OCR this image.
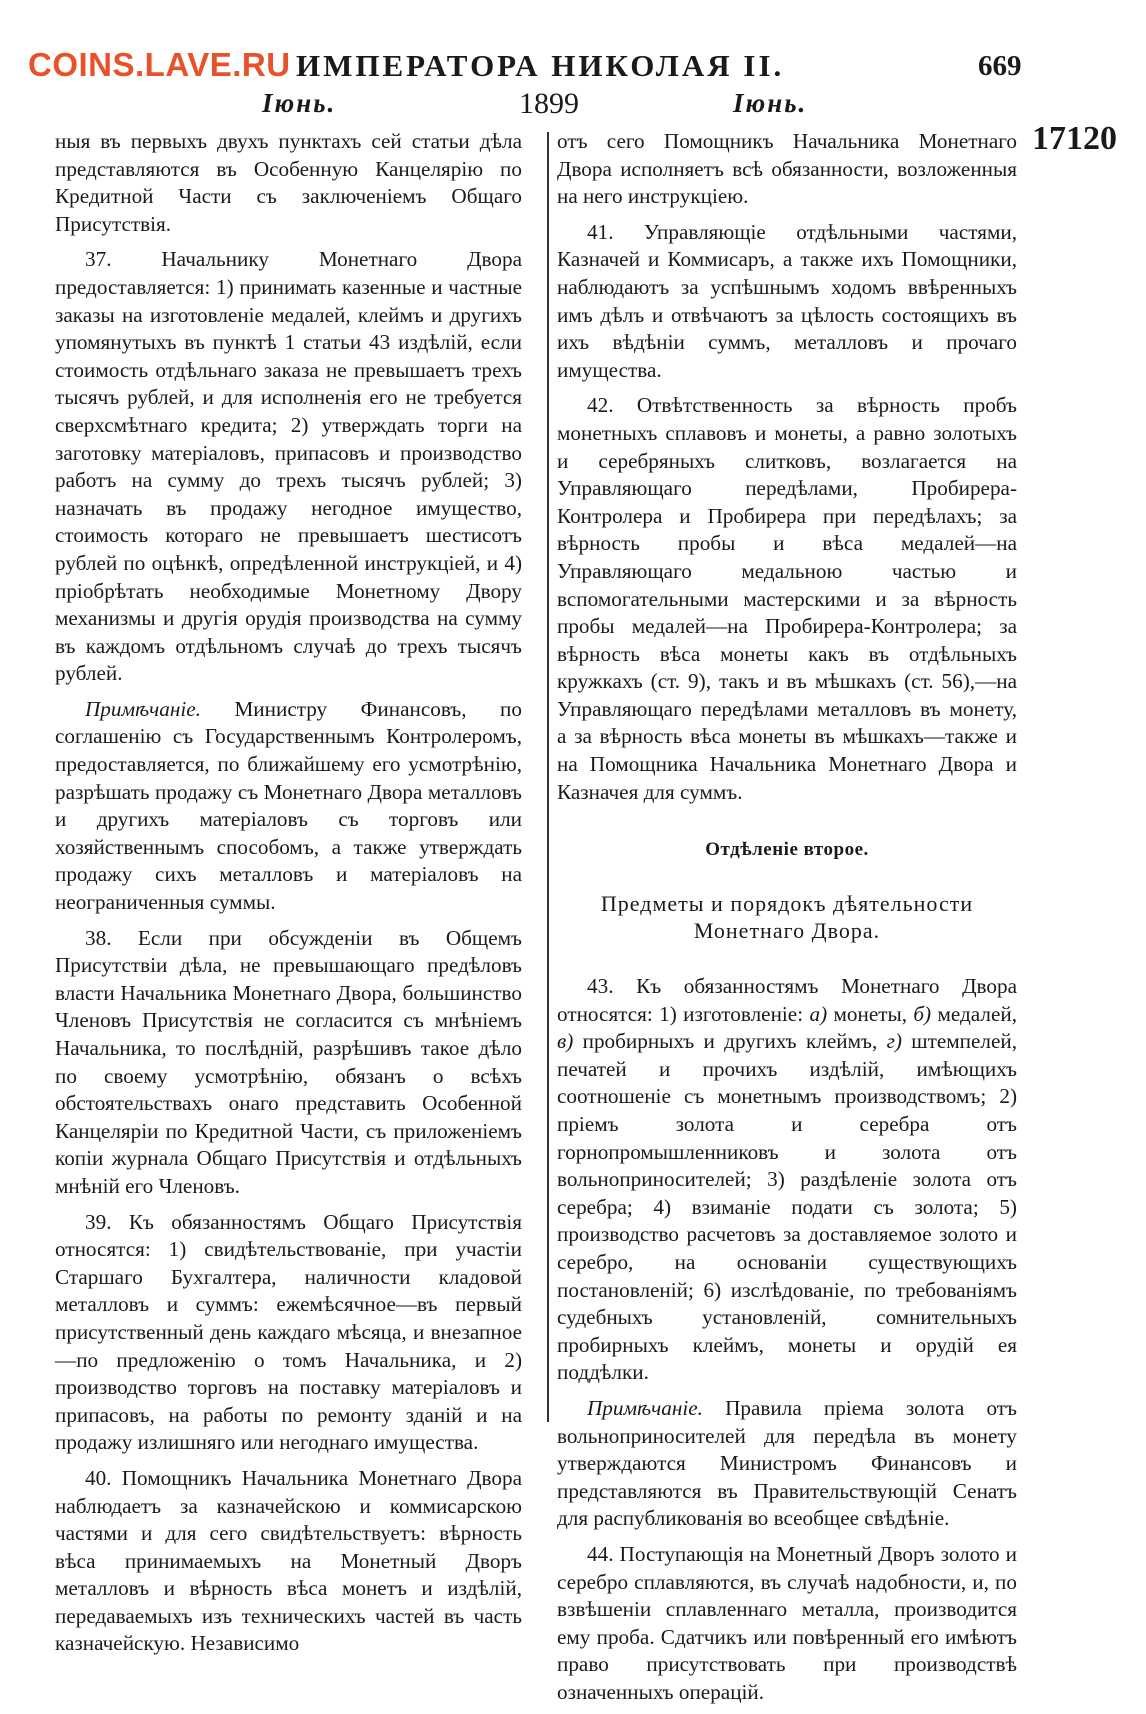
COINS.LAVE.RU ИМПЕРАТОРА НИКОЛАЯ II.	669
Іюнь.	1899	Іюнь.
17120

ныя въ первыхъ двухъ пунктахъ сей статьи дѣла представляются въ Особенную Канцелярію по Кредитной Части съ заключеніемъ Общаго Присутствія.

37. Начальнику Монетнаго Двора предоставляется: 1) принимать казенные и частные заказы на изготовленіе медалей, клеймъ и другихъ упомянутыхъ въ пунктѣ 1 статьи 43 издѣлій, если стоимость отдѣльнаго заказа не превышаетъ трехъ тысячъ рублей, и для исполненія его не требуется сверхсмѣтнаго кредита; 2) утверждать торги на заготовку матеріаловъ, припасовъ и производство работъ на сумму до трехъ тысячъ рублей; 3) назначать въ продажу негодное имущество, стоимость котораго не превышаетъ шестисотъ рублей по оцѣнкѣ, опредѣленной инструкціей, и 4) пріобрѣтать необходимые Монетному Двору механизмы и другія орудія производства на сумму въ каждомъ отдѣльномъ случаѣ до трехъ тысячъ рублей.

Примѣчаніе. Министру Финансовъ, по соглашенію съ Государственнымъ Контролеромъ, предоставляется, по ближайшему его усмотрѣнію, разрѣшать продажу съ Монетнаго Двора металловъ и другихъ матеріаловъ съ торговъ или хозяйственнымъ способомъ, а также утверждать продажу сихъ металловъ и матеріаловъ на неограниченныя суммы.

38. Если при обсужденіи въ Общемъ Присутствіи дѣла, не превышающаго предѣловъ власти Начальника Монетнаго Двора, большинство Членовъ Присутствія не согласится съ мнѣніемъ Начальника, то послѣдній, разрѣшивъ такое дѣло по своему усмотрѣнію, обязанъ о всѣхъ обстоятельствахъ онаго представить Особенной Канцеляріи по Кредитной Части, съ приложеніемъ копіи журнала Общаго Присутствія и отдѣльныхъ мнѣній его Членовъ.

39. Къ обязанностямъ Общаго Присутствія относятся: 1) свидѣтельствованіе, при участіи Старшаго Бухгалтера, наличности кладовой металловъ и суммъ: ежемѣсячное—въ первый присутственный день каждаго мѣсяца, и внезапное—по предложенію о томъ Начальника, и 2) производство торговъ на поставку матеріаловъ и припасовъ, на работы по ремонту зданій и на продажу излишняго или негоднаго имущества.

40. Помощникъ Начальника Монетнаго Двора наблюдаетъ за казначейскою и коммисарскою частями и для сего свидѣтельствуетъ: вѣрность вѣса принимаемыхъ на Монетный Дворъ металловъ и вѣрность вѣса монетъ и издѣлій, передаваемыхъ изъ техническихъ частей въ часть казначейскую. Независимо

отъ сего Помощникъ Начальника Монетнаго Двора исполняетъ всѣ обязанности, возложенныя на него инструкціею.

41. Управляющіе отдѣльными частями, Казначей и Коммисаръ, а также ихъ Помощники, наблюдаютъ за успѣшнымъ ходомъ ввѣренныхъ имъ дѣлъ и отвѣчаютъ за цѣлость состоящихъ въ ихъ вѣдѣніи суммъ, металловъ и прочаго имущества.

42. Отвѣтственность за вѣрность пробъ монетныхъ сплавовъ и монеты, а равно золотыхъ и серебряныхъ слитковъ, возлагается на Управляющаго передѣлами, Пробирера-Контролера и Пробирера при передѣлахъ; за вѣрность пробы и вѣса медалей—на Управляющаго медальною частью и вспомогательными мастерскими и за вѣрность пробы медалей—на Пробирера-Контролера; за вѣрность вѣса монеты какъ въ отдѣльныхъ кружкахъ (ст. 9), такъ и въ мѣшкахъ (ст. 56),—на Управляющаго передѣлами металловъ въ монету, а за вѣрность вѣса монеты въ мѣшкахъ—также и на Помощника Начальника Монетнаго Двора и Казначея для суммъ.

Отдѣленіе второе.

Предметы и порядокъ дѣятельности Монетнаго Двора.

43. Къ обязанностямъ Монетнаго Двора относятся: 1) изготовленіе: а) монеты, б) медалей, в) пробирныхъ и другихъ клеймъ, г) штемпелей, печатей и прочихъ издѣлій, имѣющихъ соотношеніе съ монетнымъ производствомъ; 2) пріемъ золота и серебра отъ горнопромышленниковъ и золота отъ вольноприносителей; 3) раздѣленіе золота отъ серебра; 4) взиманіе подати съ золота; 5) производство расчетовъ за доставляемое золото и серебро, на основаніи существующихъ постановленій; 6) изслѣдованіе, по требованіямъ судебныхъ установленій, сомнительныхъ пробирныхъ клеймъ, монеты и орудій ея поддѣлки.

Примѣчаніе. Правила пріема золота отъ вольноприносителей для передѣла въ монету утверждаются Министромъ Финансовъ и представляются въ Правительствующій Сенатъ для распубликованія во всеобщее свѣдѣніе.

44. Поступающія на Монетный Дворъ золото и серебро сплавляются, въ случаѣ надобности, и, по взвѣшеніи сплавленнаго металла, производится ему проба. Сдатчикъ или повѣренный его имѣютъ право присутствовать при производствѣ означенныхъ операцій.
